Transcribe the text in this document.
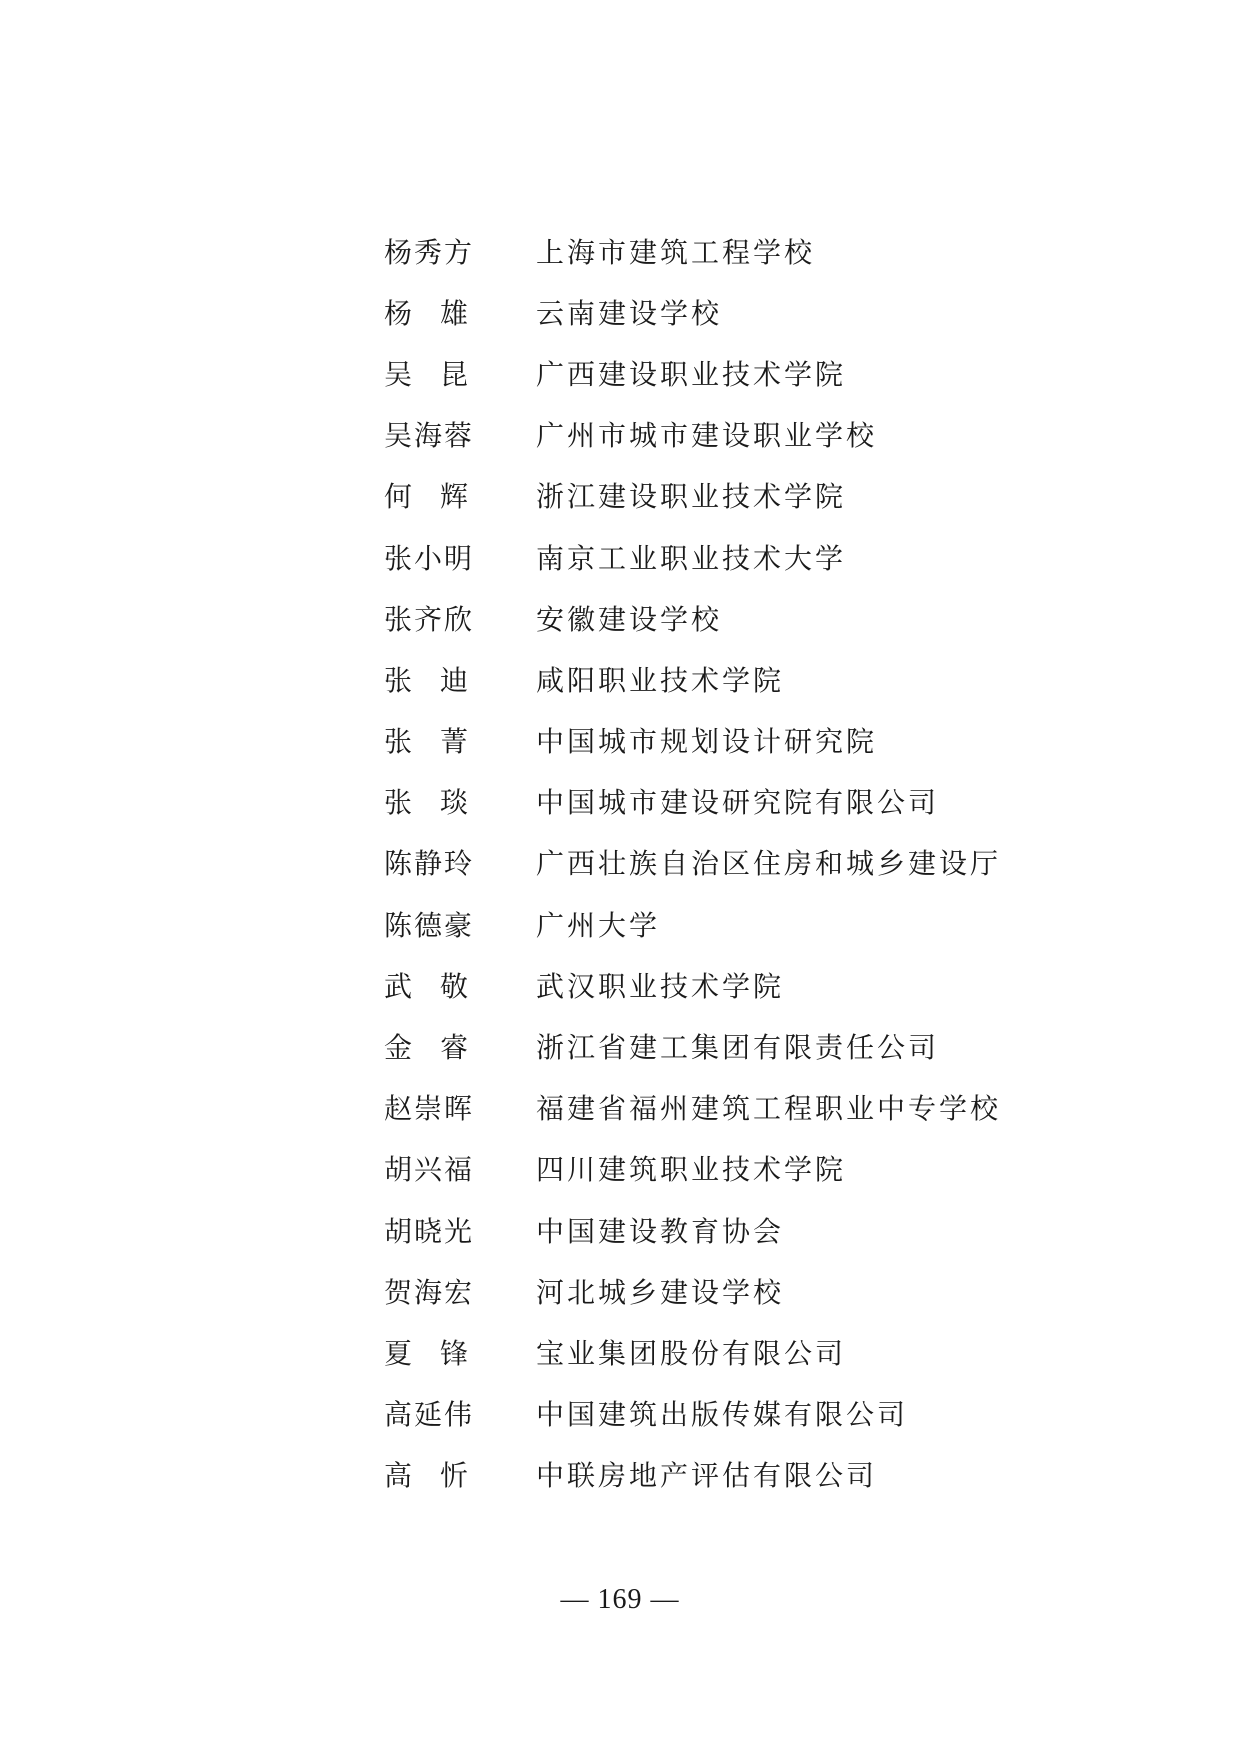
杨秀方	上海市建筑工程学校
杨雄	云南建设学校
吴昆	广西建设职业技术学院
吴海蓉	广州市城市建设职业学校
何辉	浙江建设职业技术学院
张小明	南京工业职业技术大学
张齐欣	安徽建设学校
张迪	咸阳职业技术学院
张菁	中国城市规划设计研究院
张琰	中国城市建设研究院有限公司
陈静玲	广西壮族自治区住房和城乡建设厅
陈德豪	广州大学
武敬	武汉职业技术学院
金睿	浙江省建工集团有限责任公司
赵崇晖	福建省福州建筑工程职业中专学校
胡兴福	四川建筑职业技术学院
胡晓光	中国建设教育协会
贺海宏	河北城乡建设学校
夏锋	宝业集团股份有限公司
高延伟	中国建筑出版传媒有限公司
高忻	中联房地产评估有限公司
— 169 —
